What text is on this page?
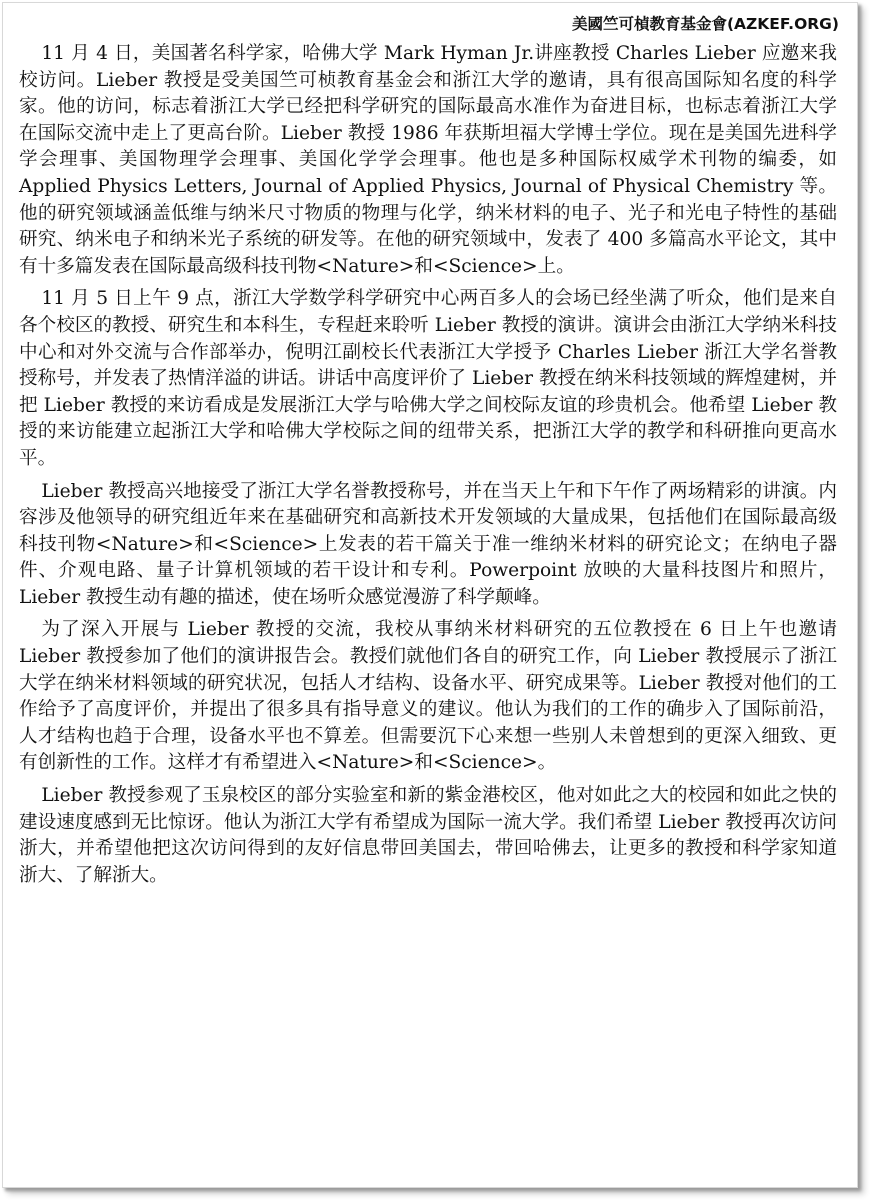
美國竺可楨教育基金會(AZKEF.ORG)

11 月 4 日，美国著名科学家，哈佛大学 Mark Hyman Jr.讲座教授 Charles Lieber 应邀来我校访问。Lieber 教授是受美国竺可桢教育基金会和浙江大学的邀请，具有很高国际知名度的科学家。他的访问，标志着浙江大学已经把科学研究的国际最高水准作为奋进目标，也标志着浙江大学在国际交流中走上了更高台阶。Lieber 教授 1986 年获斯坦福大学博士学位。现在是美国先进科学学会理事、美国物理学会理事、美国化学学会理事。他也是多种国际权威学术刊物的编委，如 Applied Physics Letters, Journal of Applied Physics, Journal of Physical Chemistry 等。他的研究领域涵盖低维与纳米尺寸物质的物理与化学，纳米材料的电子、光子和光电子特性的基础研究、纳米电子和纳米光子系统的研发等。在他的研究领域中，发表了 400 多篇高水平论文，其中有十多篇发表在国际最高级科技刊物<Nature>和<Science>上。

11 月 5 日上午 9 点，浙江大学数学科学研究中心两百多人的会场已经坐满了听众，他们是来自各个校区的教授、研究生和本科生，专程赶来聆听 Lieber 教授的演讲。演讲会由浙江大学纳米科技中心和对外交流与合作部举办，倪明江副校长代表浙江大学授予 Charles Lieber 浙江大学名誉教授称号，并发表了热情洋溢的讲话。讲话中高度评价了 Lieber 教授在纳米科技领域的辉煌建树，并把 Lieber 教授的来访看成是发展浙江大学与哈佛大学之间校际友谊的珍贵机会。他希望 Lieber 教授的来访能建立起浙江大学和哈佛大学校际之间的纽带关系，把浙江大学的教学和科研推向更高水平。

Lieber 教授高兴地接受了浙江大学名誉教授称号，并在当天上午和下午作了两场精彩的讲演。内容涉及他领导的研究组近年来在基础研究和高新技术开发领域的大量成果，包括他们在国际最高级科技刊物<Nature>和<Science>上发表的若干篇关于准一维纳米材料的研究论文；在纳电子器件、介观电路、量子计算机领域的若干设计和专利。Powerpoint 放映的大量科技图片和照片，Lieber 教授生动有趣的描述，使在场听众感觉漫游了科学颠峰。

为了深入开展与 Lieber 教授的交流，我校从事纳米材料研究的五位教授在 6 日上午也邀请 Lieber 教授参加了他们的演讲报告会。教授们就他们各自的研究工作，向 Lieber 教授展示了浙江大学在纳米材料领域的研究状况，包括人才结构、设备水平、研究成果等。Lieber 教授对他们的工作给予了高度评价，并提出了很多具有指导意义的建议。他认为我们的工作的确步入了国际前沿，人才结构也趋于合理，设备水平也不算差。但需要沉下心来想一些别人未曾想到的更深入细致、更有创新性的工作。这样才有希望进入<Nature>和<Science>。

Lieber 教授参观了玉泉校区的部分实验室和新的紫金港校区，他对如此之大的校园和如此之快的建设速度感到无比惊讶。他认为浙江大学有希望成为国际一流大学。我们希望 Lieber 教授再次访问浙大，并希望他把这次访问得到的友好信息带回美国去，带回哈佛去，让更多的教授和科学家知道浙大、了解浙大。
